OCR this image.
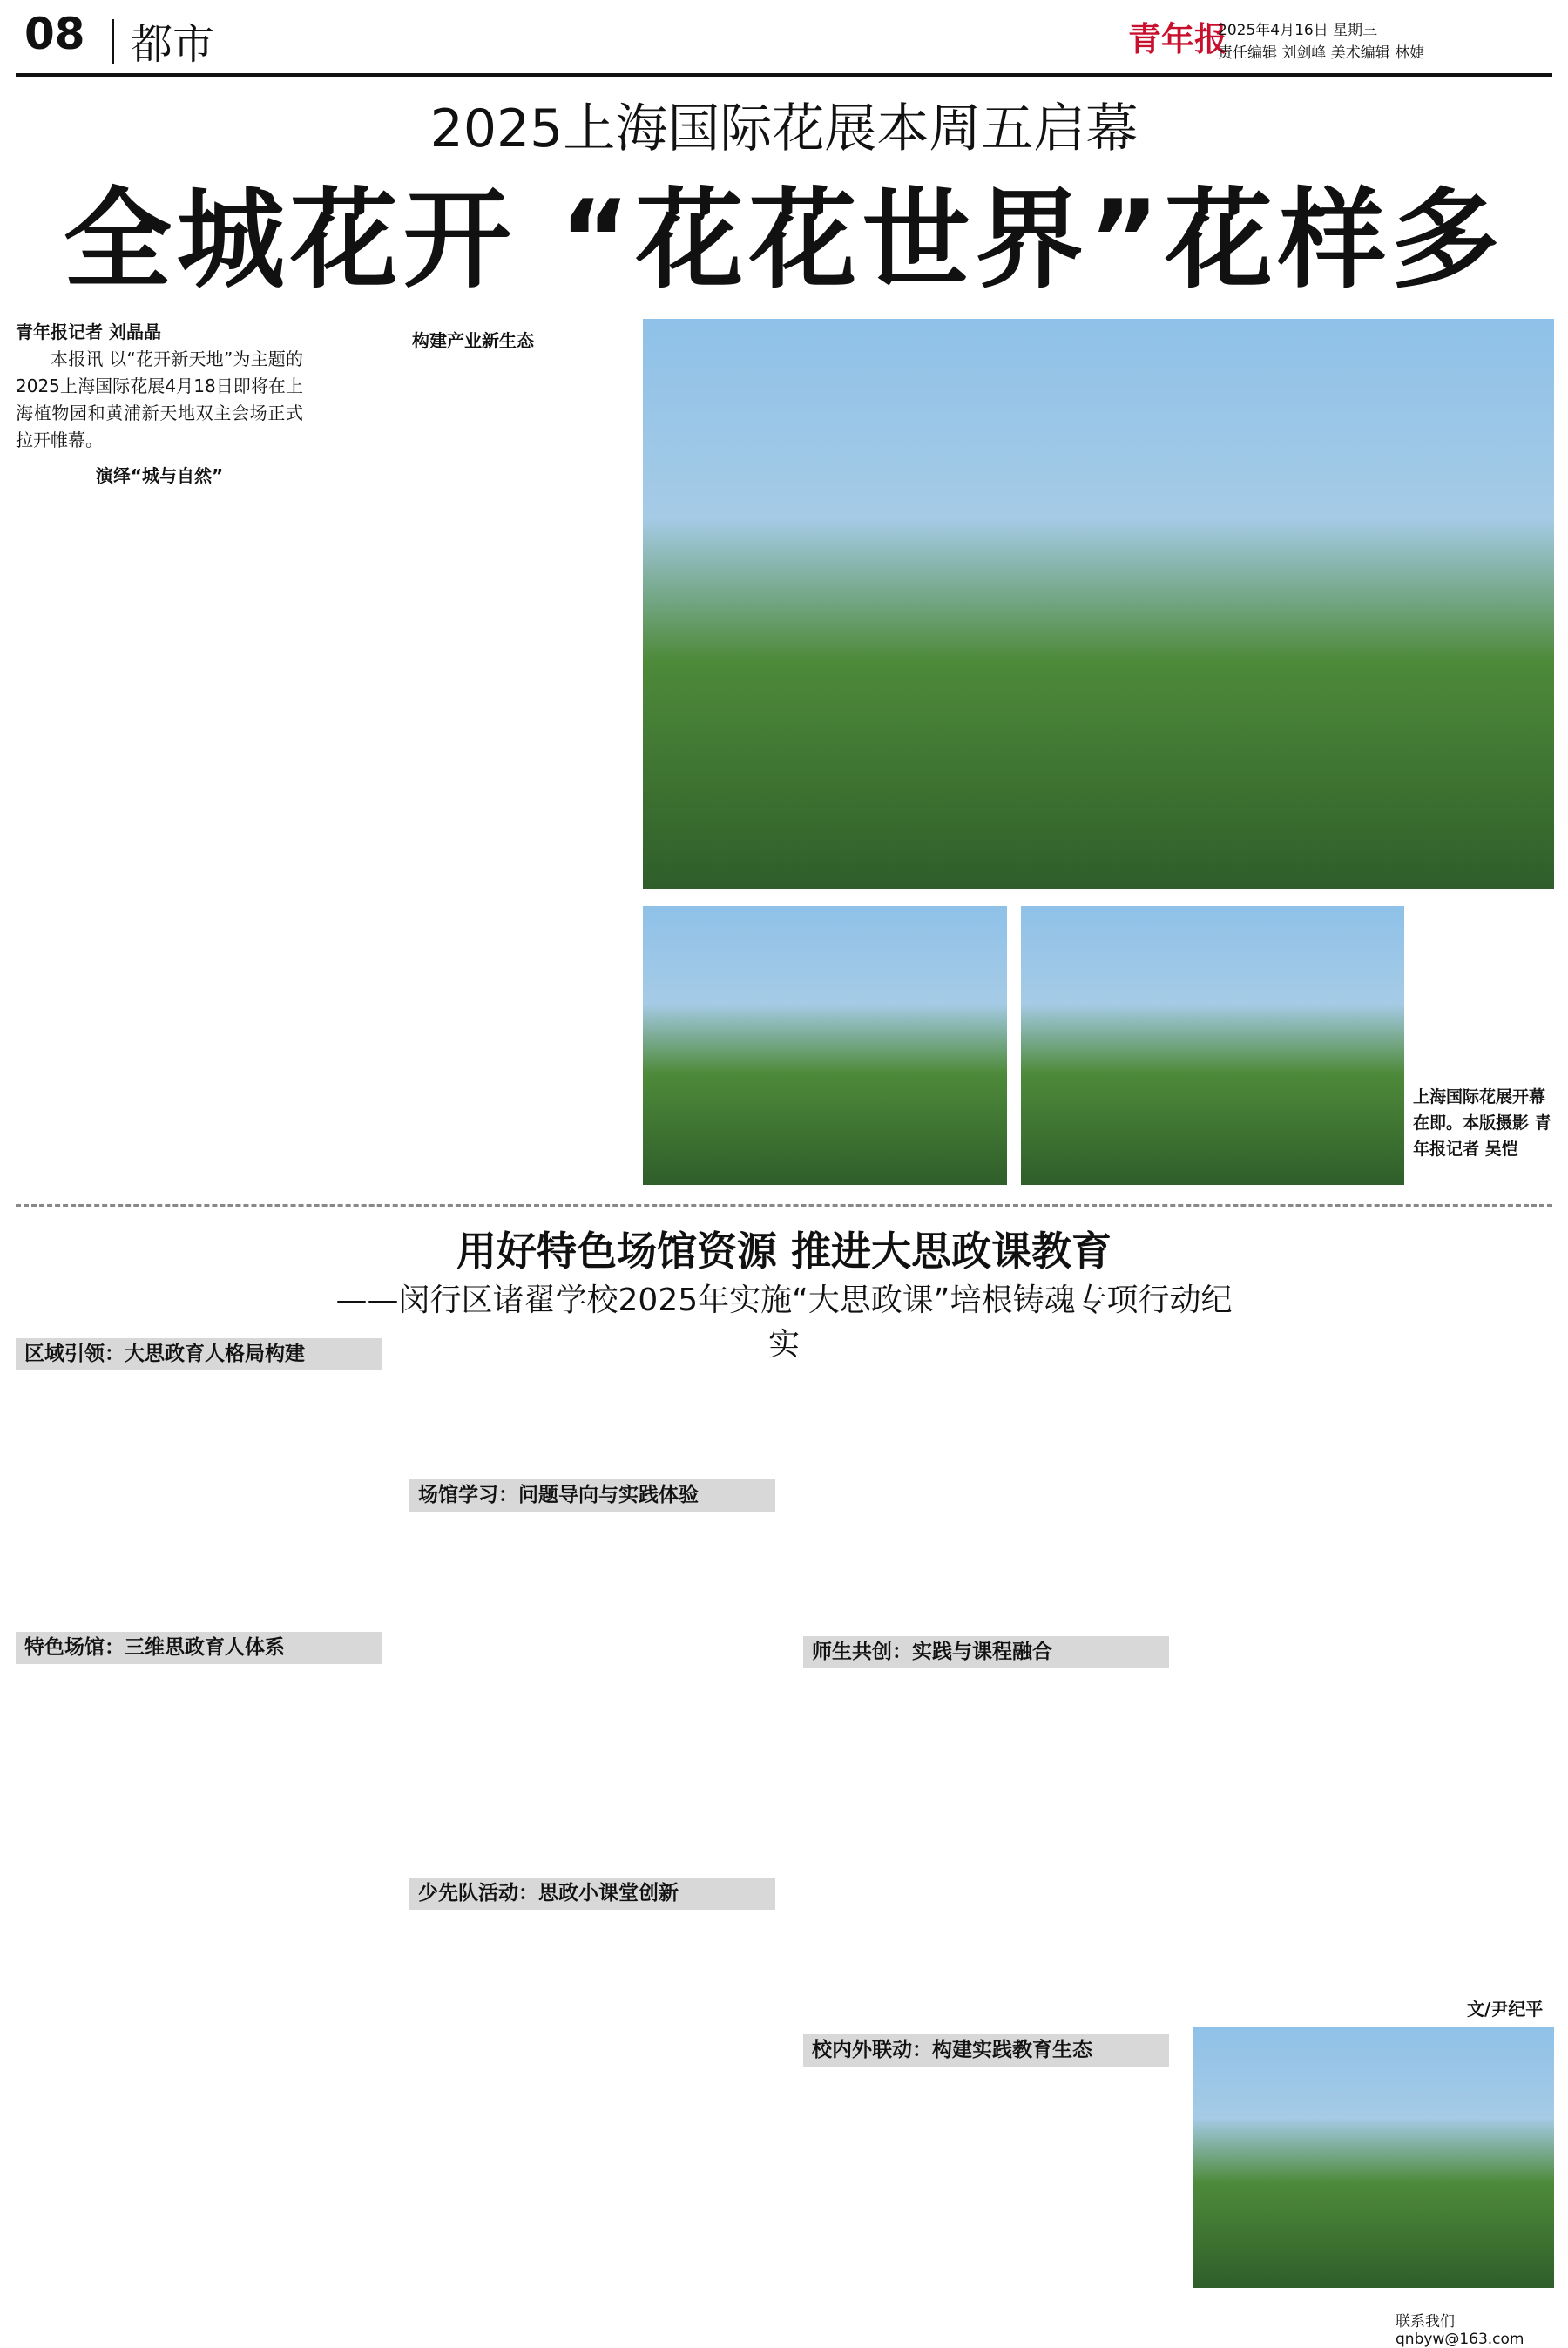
08 都市	青年报
2025年4月16日 星期三
责任编辑 刘剑峰 美术编辑 林婕
2025上海国际花展本周五启幕
全城花开 “花花世界”花样多
青年报记者 刘晶晶

本报讯 以“花开新天地”为主题的2025上海国际花展4月18日即将在上海植物园和黄浦新天地双主会场正式拉开帷幕。

演绎“城与自然”
构建产业新生态
上海国际花展开幕在即。本版摄影 青年报记者 吴恺
用好特色场馆资源 推进大思政课教育
——闵行区诸翟学校2025年实施“大思政课”培根铸魂专项行动纪实
区域引领：大思政育人格局构建
特色场馆：三维思政育人体系
场馆学习：问题导向与实践体验
少先队活动：思政小课堂创新
师生共创：实践与课程融合
校内外联动：构建实践教育生态
文/尹纪平
联系我们 qnbyw@163.com
